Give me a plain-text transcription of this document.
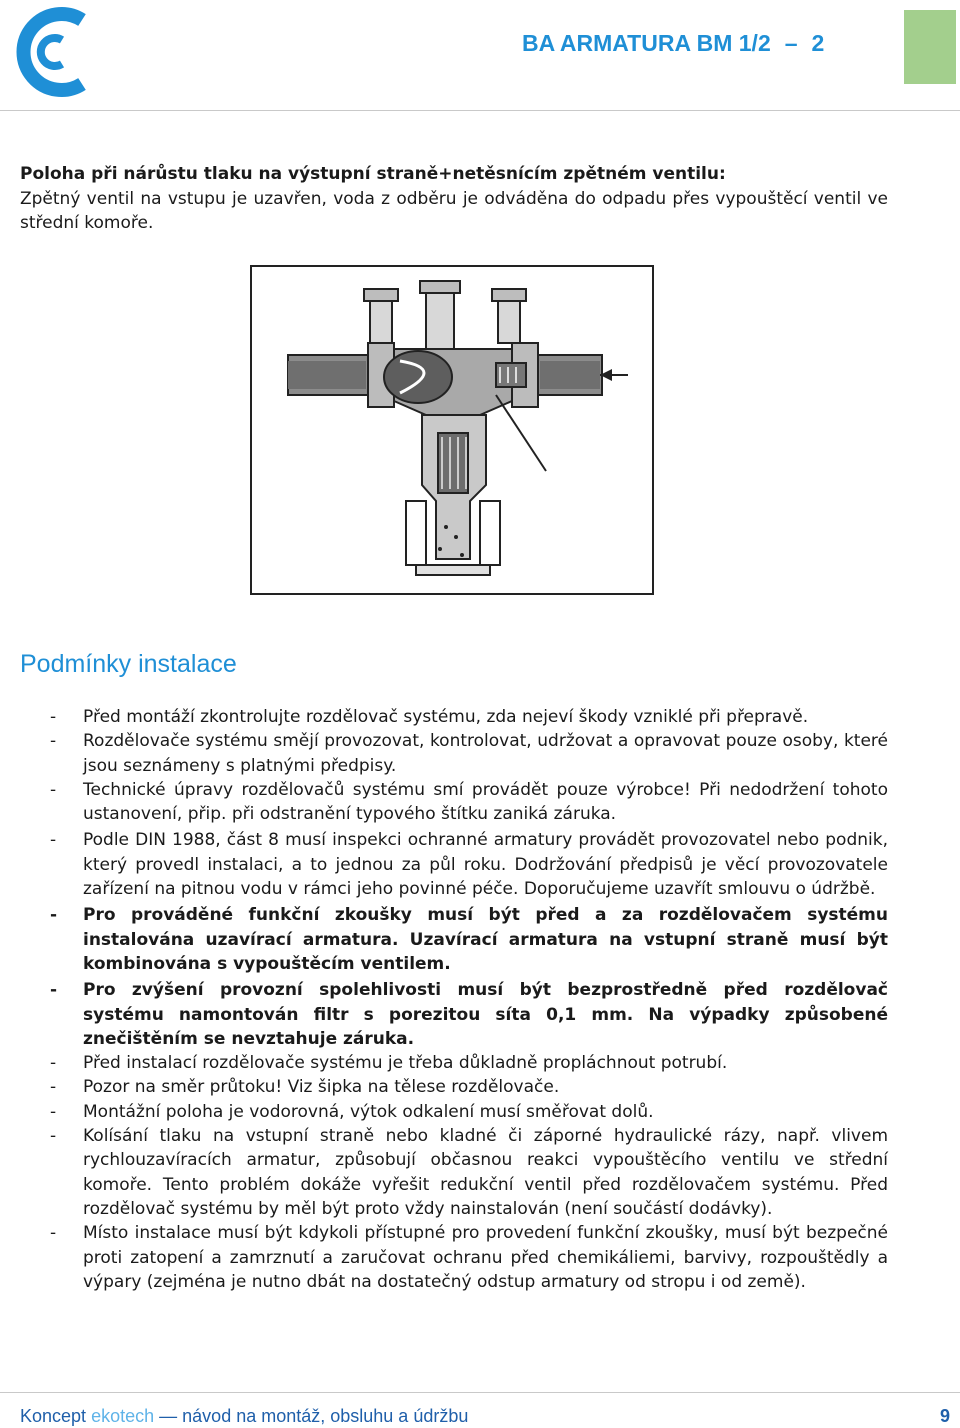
BA ARMATURA BM 1/2 – 2
Poloha při nárůstu tlaku na výstupní straně+netěsnícím zpětném ventilu:
Zpětný ventil na vstupu je uzavřen, voda z odběru je odváděna do odpadu přes vypouštěcí ventil ve střední komoře.
Podmínky instalace
- Před montáží zkontrolujte rozdělovač systému, zda nejeví škody vzniklé při přepravě.
- Rozdělovače systému smějí provozovat, kontrolovat, udržovat a opravovat pouze osoby, které jsou seznámeny s platnými předpisy.
- Technické úpravy rozdělovačů systému smí provádět pouze výrobce! Při nedodržení tohoto ustanovení, přip. při odstranění typového štítku zaniká záruka.
- Podle DIN 1988, část 8 musí inspekci ochranné armatury provádět provozovatel nebo podnik, který provedl instalaci, a to jednou za půl roku. Dodržování předpisů je věcí provozovatele zařízení na pitnou vodu v rámci jeho povinné péče. Doporučujeme uzavřít smlouvu o údržbě.
- Pro prováděné funkční zkoušky musí být před a za rozdělovačem systému instalována uzavírací armatura. Uzavírací armatura na vstupní straně musí být kombinována s vypouštěcím ventilem.
- Pro zvýšení provozní spolehlivosti musí být bezprostředně před rozdělovač systému namontován filtr s porezitou síta 0,1 mm. Na výpadky způsobené znečištěním se nevztahuje záruka.
- Před instalací rozdělovače systému je třeba důkladně propláchnout potrubí.
- Pozor na směr průtoku! Viz šipka na tělese rozdělovače.
- Montážní poloha je vodorovná, výtok odkalení musí směřovat dolů.
- Kolísání tlaku na vstupní straně nebo kladné či záporné hydraulické rázy, např. vlivem rychlouzavíracích armatur, způsobují občasnou reakci vypouštěcího ventilu ve střední komoře. Tento problém dokáže vyřešit redukční ventil před rozdělovačem systému. Před rozdělovač systému by měl být proto vždy nainstalován (není součástí dodávky).
- Místo instalace musí být kdykoli přístupné pro provedení funkční zkoušky, musí být bezpečné proti zatopení a zamrznutí a zaručovat ochranu před chemikáliemi, barvivy, rozpouštědly a výpary (zejména je nutno dbát na dostatečný odstup armatury od stropu i od země).
Koncept ekotech — návod na montáž, obsluhu a údržbu	9
